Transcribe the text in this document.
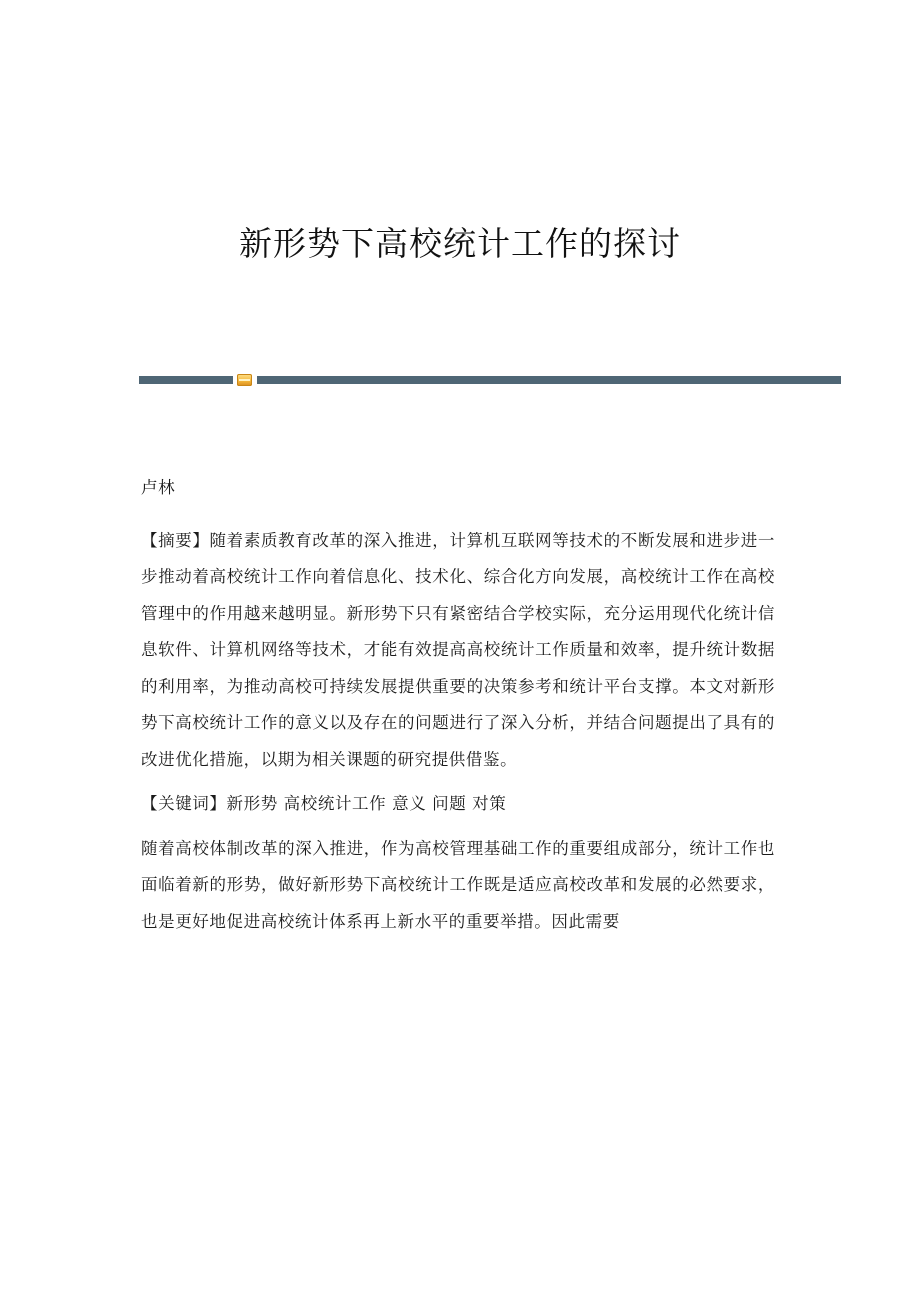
新形势下高校统计工作的探讨

卢林

【摘要】随着素质教育改革的深入推进，计算机互联网等技术的不断发展和进步进一步推动着高校统计工作向着信息化、技术化、综合化方向发展，高校统计工作在高校管理中的作用越来越明显。新形势下只有紧密结合学校实际，充分运用现代化统计信息软件、计算机网络等技术，才能有效提高高校统计工作质量和效率，提升统计数据的利用率，为推动高校可持续发展提供重要的决策参考和统计平台支撑。本文对新形势下高校统计工作的意义以及存在的问题进行了深入分析，并结合问题提出了具有的改进优化措施，以期为相关课题的研究提供借鉴。

【关键词】新形势 高校统计工作 意义 问题 对策

随着高校体制改革的深入推进，作为高校管理基础工作的重要组成部分，统计工作也面临着新的形势，做好新形势下高校统计工作既是适应高校改革和发展的必然要求，也是更好地促进高校统计体系再上新水平的重要举措。因此需要
